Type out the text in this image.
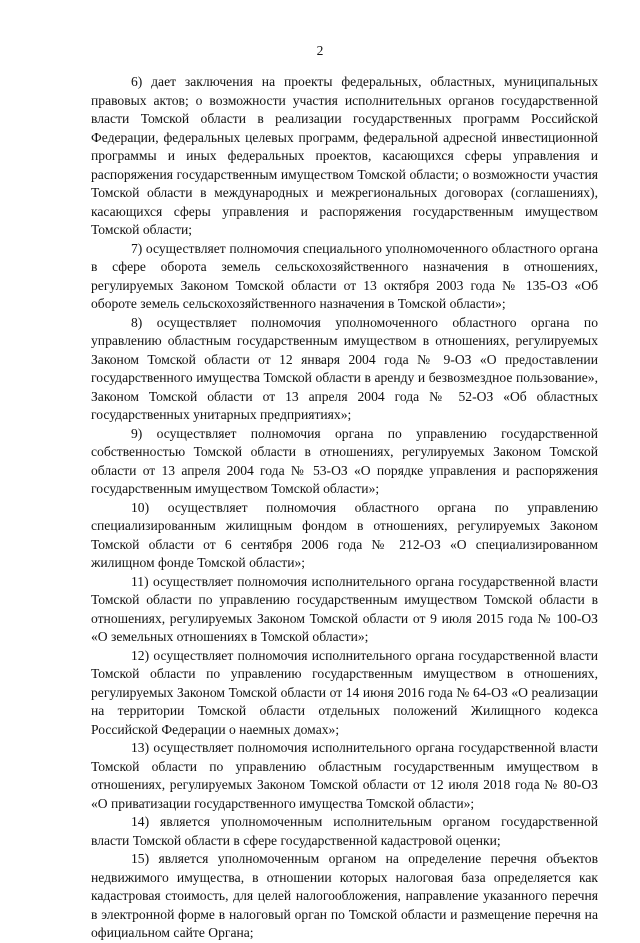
2

6) дает заключения на проекты федеральных, областных, муниципальных правовых актов; о возможности участия исполнительных органов государственной власти Томской области в реализации государственных программ Российской Федерации, федеральных целевых программ, федеральной адресной инвестиционной программы и иных федеральных проектов, касающихся сферы управления и распоряжения государственным имуществом Томской области; о возможности участия Томской области в международных и межрегиональных договорах (соглашениях), касающихся сферы управления и распоряжения государственным имуществом Томской области;

7) осуществляет полномочия специального уполномоченного областного органа в сфере оборота земель сельскохозяйственного назначения в отношениях, регулируемых Законом Томской области от 13 октября 2003 года № 135-ОЗ «Об обороте земель сельскохозяйственного назначения в Томской области»;

8) осуществляет полномочия уполномоченного областного органа по управлению областным государственным имуществом в отношениях, регулируемых Законом Томской области от 12 января 2004 года № 9-ОЗ «О предоставлении государственного имущества Томской области в аренду и безвозмездное пользование», Законом Томской области от 13 апреля 2004 года № 52-ОЗ «Об областных государственных унитарных предприятиях»;

9) осуществляет полномочия органа по управлению государственной собственностью Томской области в отношениях, регулируемых Законом Томской области от 13 апреля 2004 года № 53-ОЗ «О порядке управления и распоряжения государственным имуществом Томской области»;

10) осуществляет полномочия областного органа по управлению специализированным жилищным фондом в отношениях, регулируемых Законом Томской области от 6 сентября 2006 года № 212-ОЗ «О специализированном жилищном фонде Томской области»;

11) осуществляет полномочия исполнительного органа государственной власти Томской области по управлению государственным имуществом Томской области в отношениях, регулируемых Законом Томской области от 9 июля 2015 года № 100-ОЗ «О земельных отношениях в Томской области»;

12) осуществляет полномочия исполнительного органа государственной власти Томской области по управлению государственным имуществом в отношениях, регулируемых Законом Томской области от 14 июня 2016 года № 64-ОЗ «О реализации на территории Томской области отдельных положений Жилищного кодекса Российской Федерации о наемных домах»;

13) осуществляет полномочия исполнительного органа государственной власти Томской области по управлению областным государственным имуществом в отношениях, регулируемых Законом Томской области от 12 июля 2018 года № 80-ОЗ «О приватизации государственного имущества Томской области»;

14) является уполномоченным исполнительным органом государственной власти Томской области в сфере государственной кадастровой оценки;

15) является уполномоченным органом на определение перечня объектов недвижимого имущества, в отношении которых налоговая база определяется как кадастровая стоимость, для целей налогообложения, направление указанного перечня в электронной форме в налоговый орган по Томской области и размещение перечня на официальном сайте Органа;
